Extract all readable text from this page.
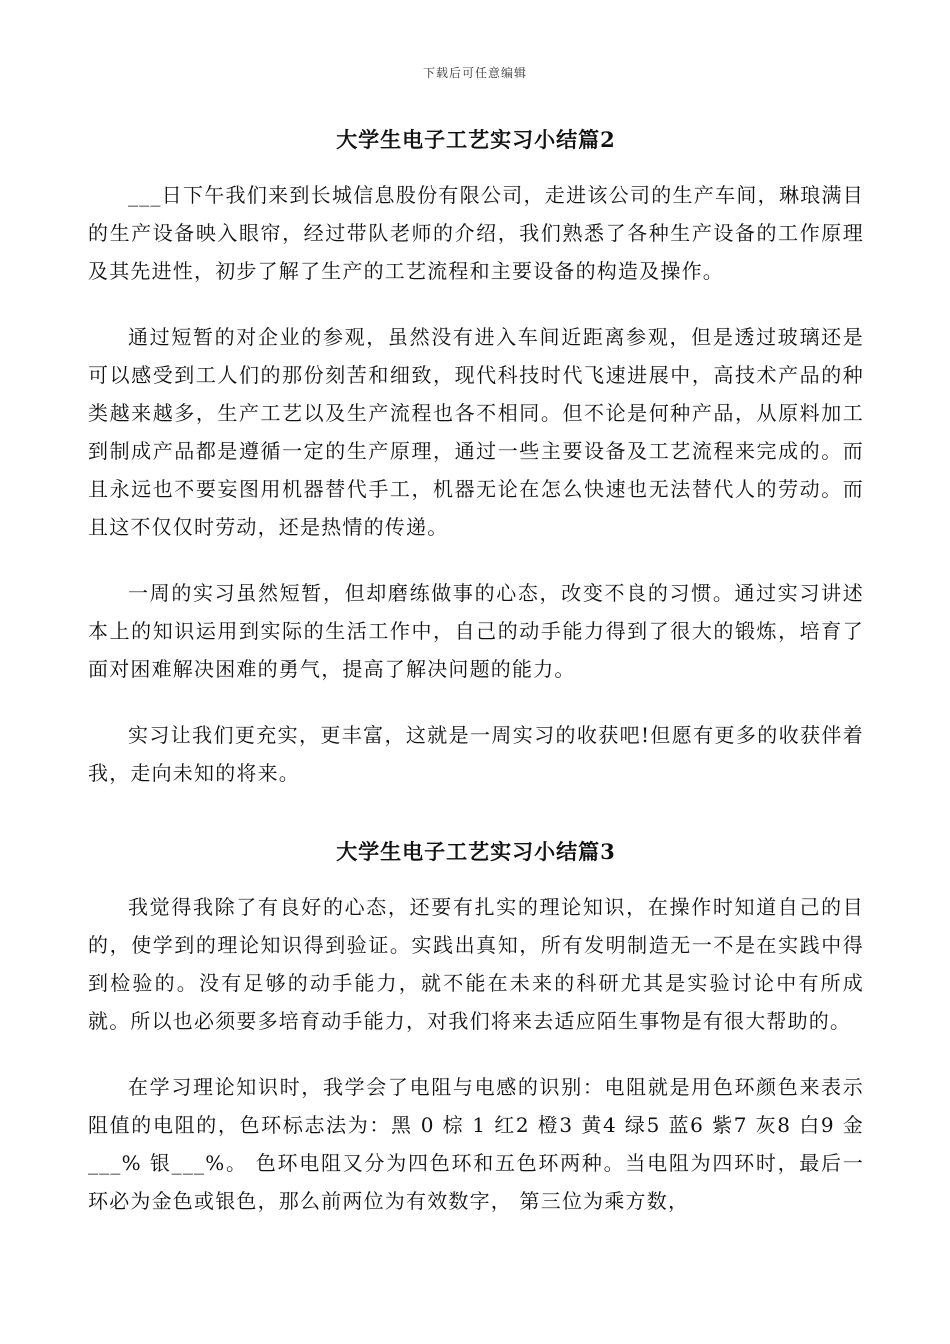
下载后可任意编辑
大学生电子工艺实习小结篇2

___日下午我们来到长城信息股份有限公司，走进该公司的生产车间，琳琅满目的生产设备映入眼帘，经过带队老师的介绍，我们熟悉了各种生产设备的工作原理及其先进性，初步了解了生产的工艺流程和主要设备的构造及操作。

通过短暂的对企业的参观，虽然没有进入车间近距离参观，但是透过玻璃还是可以感受到工人们的那份刻苦和细致，现代科技时代飞速进展中，高技术产品的种类越来越多，生产工艺以及生产流程也各不相同。但不论是何种产品，从原料加工到制成产品都是遵循一定的生产原理，通过一些主要设备及工艺流程来完成的。而且永远也不要妄图用机器替代手工，机器无论在怎么快速也无法替代人的劳动。而且这不仅仅时劳动，还是热情的传递。

一周的实习虽然短暂，但却磨练做事的心态，改变不良的习惯。通过实习讲述本上的知识运用到实际的生活工作中，自己的动手能力得到了很大的锻炼，培育了面对困难解决困难的勇气，提高了解决问题的能力。

实习让我们更充实，更丰富，这就是一周实习的收获吧!但愿有更多的收获伴着我，走向未知的将来。

大学生电子工艺实习小结篇3

我觉得我除了有良好的心态，还要有扎实的理论知识，在操作时知道自己的目的，使学到的理论知识得到验证。实践出真知，所有发明制造无一不是在实践中得到检验的。没有足够的动手能力，就不能在未来的科研尤其是实验讨论中有所成就。所以也必须要多培育动手能力，对我们将来去适应陌生事物是有很大帮助的。

在学习理论知识时，我学会了电阻与电感的识别：电阻就是用色环颜色来表示阻值的电阻的，色环标志法为：黑 0 棕 1 红2 橙3 黄4 绿5 蓝6 紫7 灰8 白9 金___% 银___%。 色环电阻又分为四色环和五色环两种。当电阻为四环时，最后一环必为金色或银色，那么前两位为有效数字， 第三位为乘方数，
